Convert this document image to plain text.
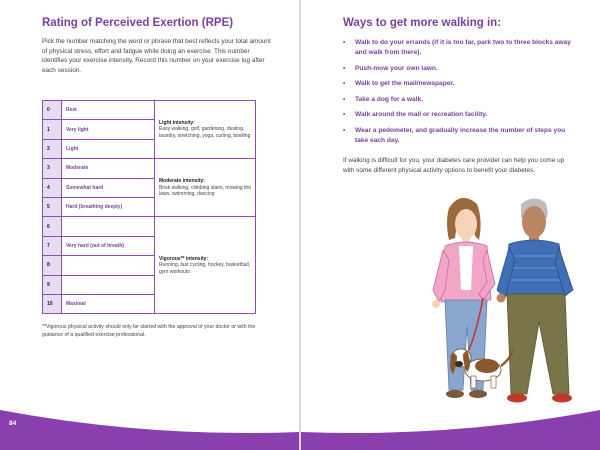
Rating of Perceived Exertion (RPE)

Pick the number matching the word or phrase that best reflects your total amount of physical stress, effort and fatigue while doing an exercise. This number identifies your exercise intensity. Record this number on your exercise log after each session.

0	Rest	Light intensity:
Easy walking, golf, gardening, dusting, laundry, stretching, yoga, curling, bowling
1	Very light	
2	Light	
3	Moderate	Moderate intensity:
Brisk walking, climbing stairs, mowing the lawn, swimming, dancing
4	Somewhat hard	
5	Hard (breathing deeply)	
6		Vigorous** intensity:
Running, fast cycling, hockey, basketball, gym workouts
7	Very hard (out of breath)	
8		
9		
10	Maximal	

**Vigorous physical activity should only be started with the approval of your doctor or with the guidance of a qualified exercise professional.

84
Ways to get more walking in:
• Walk to do your errands (if it is too far, park two to three blocks away and walk from there).
• Push-mow your own lawn.
• Walk to get the mail/newspaper.
• Take a dog for a walk.
• Walk around the mall or recreation facility.
• Wear a pedometer, and gradually increase the number of steps you take each day.

If walking is difficult for you, your diabetes care provider can help you come up with some different physical activity options to benefit your diabetes.

85
